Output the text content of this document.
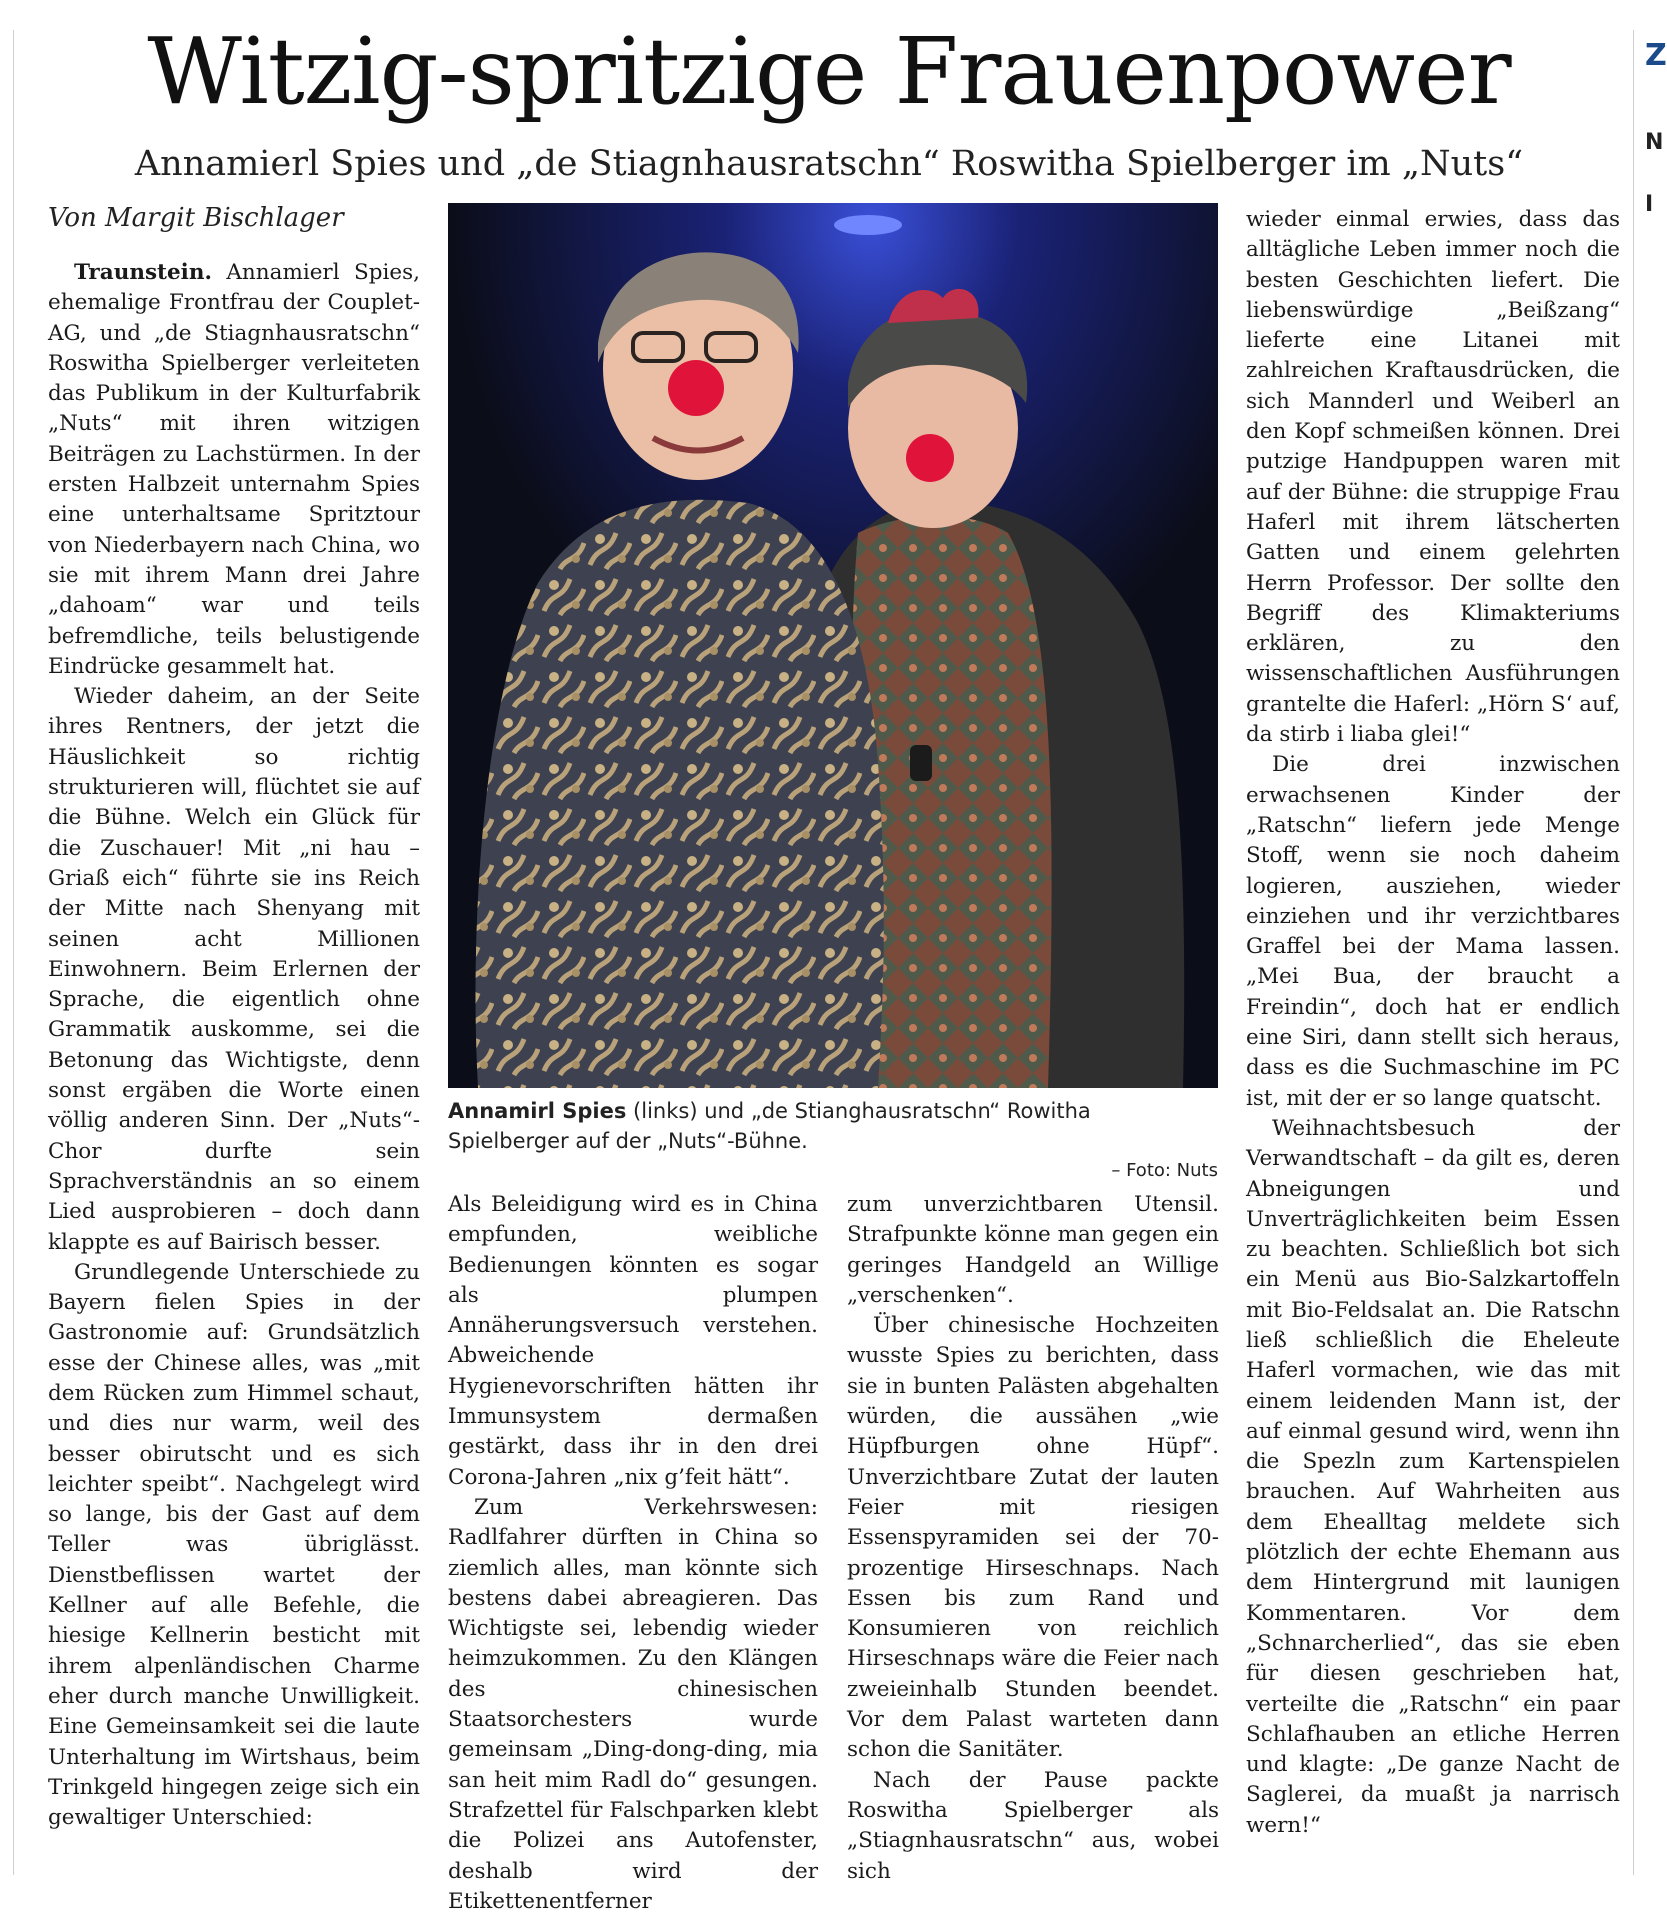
Z
N
I
Witzig-spritzige Frauenpower
Annamierl Spies und „de Stiagnhausratschn“ Roswitha Spielberger im „Nuts“
Von Margit Bischlager

Traunstein. Annamierl Spies, ehemalige Frontfrau der Couplet-AG, und „de Stiagnhausratschn“ Roswitha Spielberger verleiteten das Publikum in der Kulturfabrik „Nuts“ mit ihren witzigen Beiträgen zu Lachstürmen. In der ersten Halbzeit unternahm Spies eine unterhaltsame Spritztour von Niederbayern nach China, wo sie mit ihrem Mann drei Jahre „dahoam“ war und teils befremdliche, teils belustigende Eindrücke gesammelt hat.

Wieder daheim, an der Seite ihres Rentners, der jetzt die Häuslichkeit so richtig strukturieren will, flüchtet sie auf die Bühne. Welch ein Glück für die Zuschauer! Mit „ni hau – Griaß eich“ führte sie ins Reich der Mitte nach Shenyang mit seinen acht Millionen Einwohnern. Beim Erlernen der Sprache, die eigentlich ohne Grammatik auskomme, sei die Betonung das Wichtigste, denn sonst ergäben die Worte einen völlig anderen Sinn. Der „Nuts“-Chor durfte sein Sprachverständnis an so einem Lied ausprobieren – doch dann klappte es auf Bairisch besser.

Grundlegende Unterschiede zu Bayern fielen Spies in der Gastronomie auf: Grundsätzlich esse der Chinese alles, was „mit dem Rücken zum Himmel schaut, und dies nur warm, weil des besser obirutscht und es sich leichter speibt“. Nachgelegt wird so lange, bis der Gast auf dem Teller was übriglässt. Dienstbeflissen wartet der Kellner auf alle Befehle, die hiesige Kellnerin besticht mit ihrem alpenländischen Charme eher durch manche Unwilligkeit. Eine Gemeinsamkeit sei die laute Unterhaltung im Wirtshaus, beim Trinkgeld hingegen zeige sich ein gewaltiger Unterschied:

Annamirl Spies (links) und „de Stianghausratschn“ Rowitha Spielberger auf der „Nuts“-Bühne.
– Foto: Nuts

Als Beleidigung wird es in China empfunden, weibliche Bedienungen könnten es sogar als plumpen Annäherungsversuch verstehen. Abweichende Hygienevorschriften hätten ihr Immunsystem dermaßen gestärkt, dass ihr in den drei Corona-Jahren „nix g’feit hätt“.

Zum Verkehrswesen: Radlfahrer dürften in China so ziemlich alles, man könnte sich bestens dabei abreagieren. Das Wichtigste sei, lebendig wieder heimzukommen. Zu den Klängen des chinesischen Staatsorchesters wurde gemeinsam „Ding-dong-ding, mia san heit mim Radl do“ gesungen. Strafzettel für Falschparken klebt die Polizei ans Autofenster, deshalb wird der Etikettenentferner

zum unverzichtbaren Utensil. Strafpunkte könne man gegen ein geringes Handgeld an Willige „verschenken“.

Über chinesische Hochzeiten wusste Spies zu berichten, dass sie in bunten Palästen abgehalten würden, die aussähen „wie Hüpfburgen ohne Hüpf“. Unverzichtbare Zutat der lauten Feier mit riesigen Essenspyramiden sei der 70-prozentige Hirseschnaps. Nach Essen bis zum Rand und Konsumieren von reichlich Hirseschnaps wäre die Feier nach zweieinhalb Stunden beendet. Vor dem Palast warteten dann schon die Sanitäter.

Nach der Pause packte Roswitha Spielberger als „Stiagnhausratschn“ aus, wobei sich

wieder einmal erwies, dass das alltägliche Leben immer noch die besten Geschichten liefert. Die liebenswürdige „Beißzang“ lieferte eine Litanei mit zahlreichen Kraftausdrücken, die sich Mannderl und Weiberl an den Kopf schmeißen können. Drei putzige Handpuppen waren mit auf der Bühne: die struppige Frau Haferl mit ihrem lätscherten Gatten und einem gelehrten Herrn Professor. Der sollte den Begriff des Klimakteriums erklären, zu den wissenschaftlichen Ausführungen grantelte die Haferl: „Hörn S‘ auf, da stirb i liaba glei!“

Die drei inzwischen erwachsenen Kinder der „Ratschn“ liefern jede Menge Stoff, wenn sie noch daheim logieren, ausziehen, wieder einziehen und ihr verzichtbares Graffel bei der Mama lassen. „Mei Bua, der braucht a Freindin“, doch hat er endlich eine Siri, dann stellt sich heraus, dass es die Suchmaschine im PC ist, mit der er so lange quatscht.

Weihnachtsbesuch der Verwandtschaft – da gilt es, deren Abneigungen und Unverträglichkeiten beim Essen zu beachten. Schließlich bot sich ein Menü aus Bio-Salzkartoffeln mit Bio-Feldsalat an. Die Ratschn ließ schließlich die Eheleute Haferl vormachen, wie das mit einem leidenden Mann ist, der auf einmal gesund wird, wenn ihn die Spezln zum Kartenspielen brauchen. Auf Wahrheiten aus dem Ehealltag meldete sich plötzlich der echte Ehemann aus dem Hintergrund mit launigen Kommentaren. Vor dem „Schnarcherlied“, das sie eben für diesen geschrieben hat, verteilte die „Ratschn“ ein paar Schlafhauben an etliche Herren und klagte: „De ganze Nacht de Saglerei, da muaßt ja narrisch wern!“
